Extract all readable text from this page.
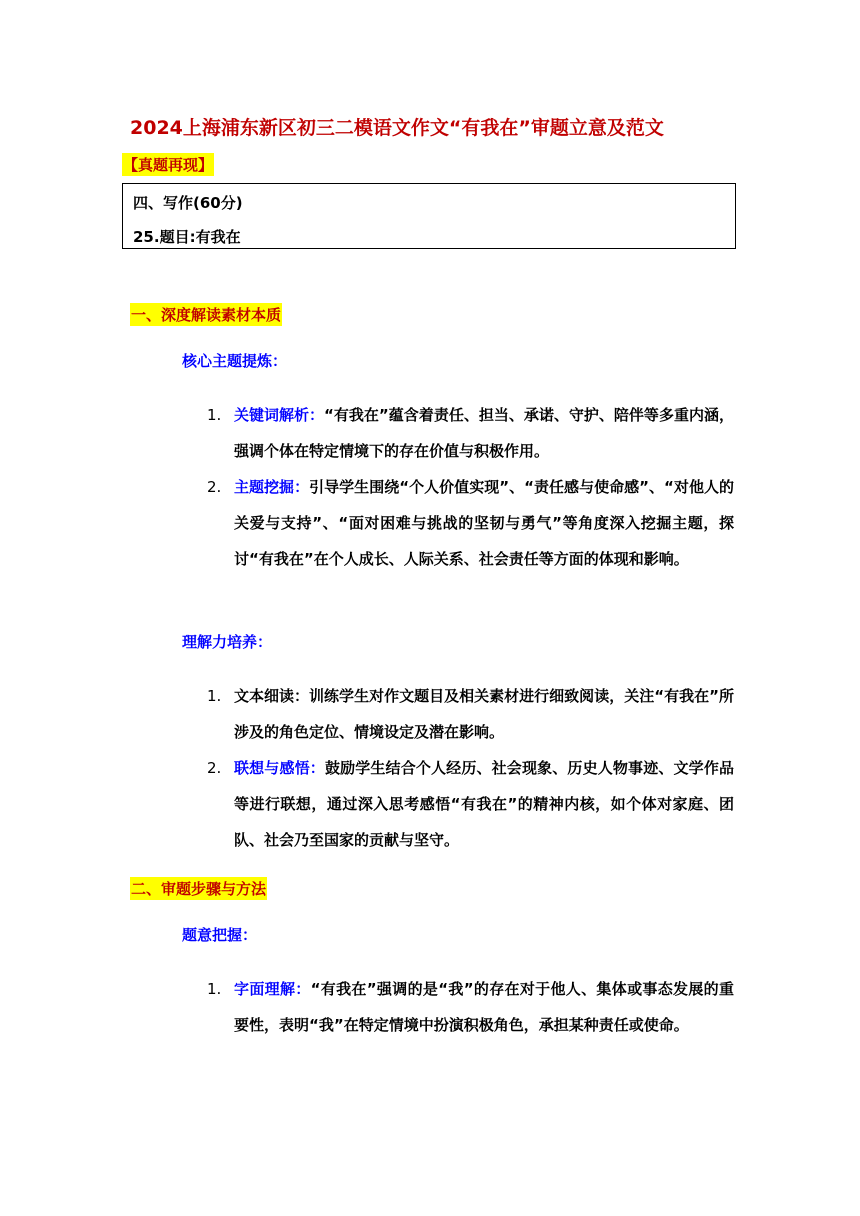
2024上海浦东新区初三二模语文作文“有我在”审题立意及范文
【真题再现】
四、写作(60分)
25.题目:有我在
一、深度解读素材本质
核心主题提炼：
1. 关键词解析：“有我在”蕴含着责任、担当、承诺、守护、陪伴等多重内涵，强调个体在特定情境下的存在价值与积极作用。
2. 主题挖掘：引导学生围绕“个人价值实现”、“责任感与使命感”、“对他人的关爱与支持”、“面对困难与挑战的坚韧与勇气”等角度深入挖掘主题，探讨“有我在”在个人成长、人际关系、社会责任等方面的体现和影响。
理解力培养：
1. 文本细读：训练学生对作文题目及相关素材进行细致阅读，关注“有我在”所涉及的角色定位、情境设定及潜在影响。
2. 联想与感悟：鼓励学生结合个人经历、社会现象、历史人物事迹、文学作品等进行联想，通过深入思考感悟“有我在”的精神内核，如个体对家庭、团队、社会乃至国家的贡献与坚守。
二、审题步骤与方法
题意把握：
1. 字面理解：“有我在”强调的是“我”的存在对于他人、集体或事态发展的重要性，表明“我”在特定情境中扮演积极角色，承担某种责任或使命。
